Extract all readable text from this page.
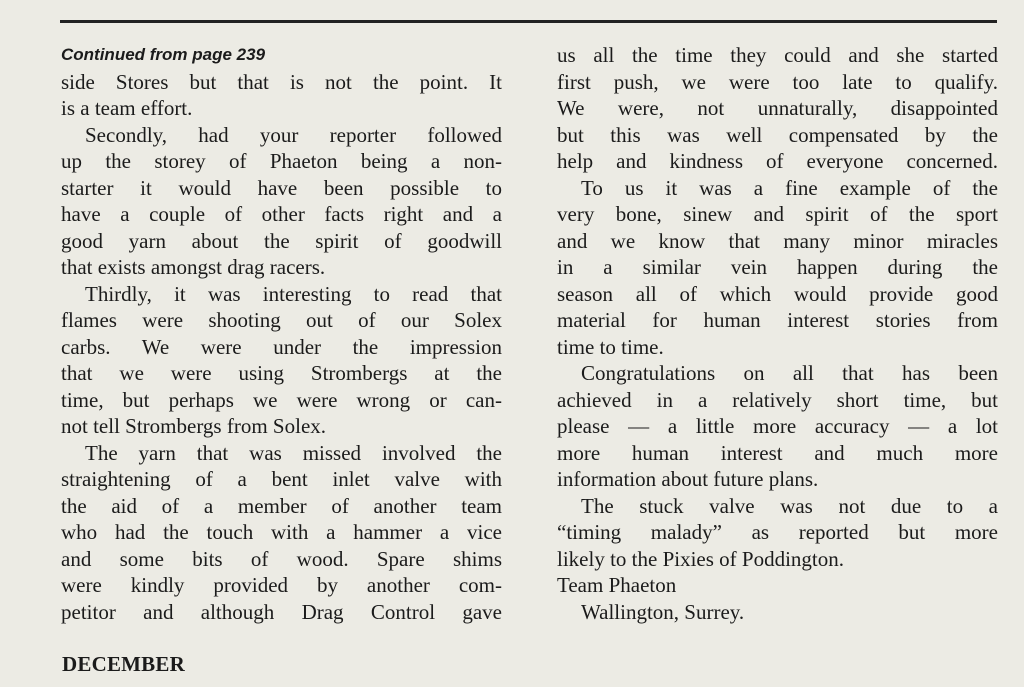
Continued from page 239
side Stores but that is not the point. It
is a team effort.
Secondly, had your reporter followed
up the storey of Phaeton being a non-
starter it would have been possible to
have a couple of other facts right and a
good yarn about the spirit of goodwill
that exists amongst drag racers.
Thirdly, it was interesting to read that
flames were shooting out of our Solex
carbs. We were under the impression
that we were using Strombergs at the
time, but perhaps we were wrong or can-
not tell Strombergs from Solex.
The yarn that was missed involved the
straightening of a bent inlet valve with
the aid of a member of another team
who had the touch with a hammer a vice
and some bits of wood. Spare shims
were kindly provided by another com-
petitor and although Drag Control gave
us all the time they could and she started
first push, we were too late to qualify.
We were, not unnaturally, disappointed
but this was well compensated by the
help and kindness of everyone concerned.
To us it was a fine example of the
very bone, sinew and spirit of the sport
and we know that many minor miracles
in a similar vein happen during the
season all of which would provide good
material for human interest stories from
time to time.
Congratulations on all that has been
achieved in a relatively short time, but
please — a little more accuracy — a lot
more human interest and much more
information about future plans.
The stuck valve was not due to a
“timing malady” as reported but more
likely to the Pixies of Poddington.
Team Phaeton
Wallington, Surrey.
DECEMBER
